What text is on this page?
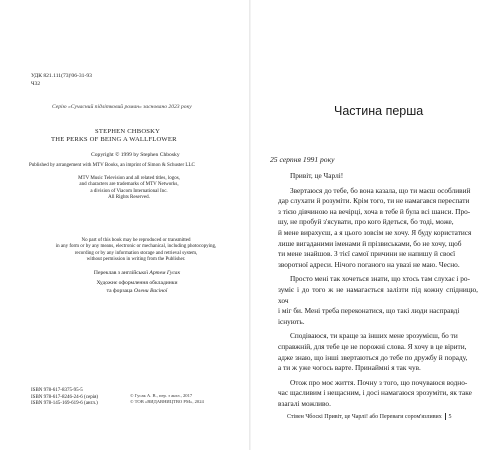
УДК 821.111(73)'06-31-93
Ч32
Серію «Сучасний підлітковий роман» засновано 2023 року
STEPHEN CHBOSKY
THE PERKS OF BEING A WALLFLOWER
Copyright © 1999 by Stephen Chbosky
Published by arrangement with MTV Books, an imprint of Simon & Schuster LLC
MTV Music Television and all related titles, logos,
and characters are trademarks of MTV Networks,
a division of Viacom International Inc.
All Rights Reserved.
No part of this book may be reproduced or transmitted
in any form or by any means, electronic or mechanical, including photocopying,
recording or by any information storage and retrieval system,
without permission in writing from the Publisher.
Переклав з англійської Артем Гусак
Художнє оформлення обкладинки
та форзаца Олени Васіної
ISBN 978-617-8375-95-5
ISBN 978-617-8246-24-6 (серія)
ISBN 978-145-169-619-6 (англ.)
© Гусак А. В., пер. з англ., 2017
© ТОВ «ВИДАВНИЦТВО РМ», 2024
Частина перша
25 серпня 1991 року

Привіт, це Чарлі!

Звертаюся до тебе, бо вона казала, що ти маєш особливий
дар слухати й розуміти. Крім того, ти не намагався переспати
з тією дівчиною на вечірці, хоча в тебе й була всі шанси. Про-
шу, не пробуй з'ясувати, про кого йдеться, бо тоді, може,
й мене вирахуєш, а я цього зовсім не хочу. Я буду користатися
лише вигаданими іменами й прізвиськами, бо не хочу, щоб
ти мене знайшов. З тієї самої причини не напишу й своєї
зворотної адреси. Нічого поганого на увазі не маю. Чесно.

Просто мені так хочеться знати, що хтось там слухає і ро-
зуміє і до того ж не намагається залізти під кожну спідницю, хоч
і міг би. Мені треба переконатися, що такі люди насправді
існують.

Сподіваюся, ти краще за інших мене зрозумієш, бо ти
справжній, для тебе це не порожні слова. Я хочу в це вірити,
адже знаю, що інші звертаються до тебе по дружбу й пораду,
а ти ж уже чогось варте. Принаймні я так чув.

Отож про моє життя. Почну з того, що почуваюся водно-
час щасливим і нещасним, і досі намагаюся зрозуміти, як таке
взагалі можливо.

Стівен Чбоскі Привіт, це Чарлі! або Переваги сором'язливих 5
